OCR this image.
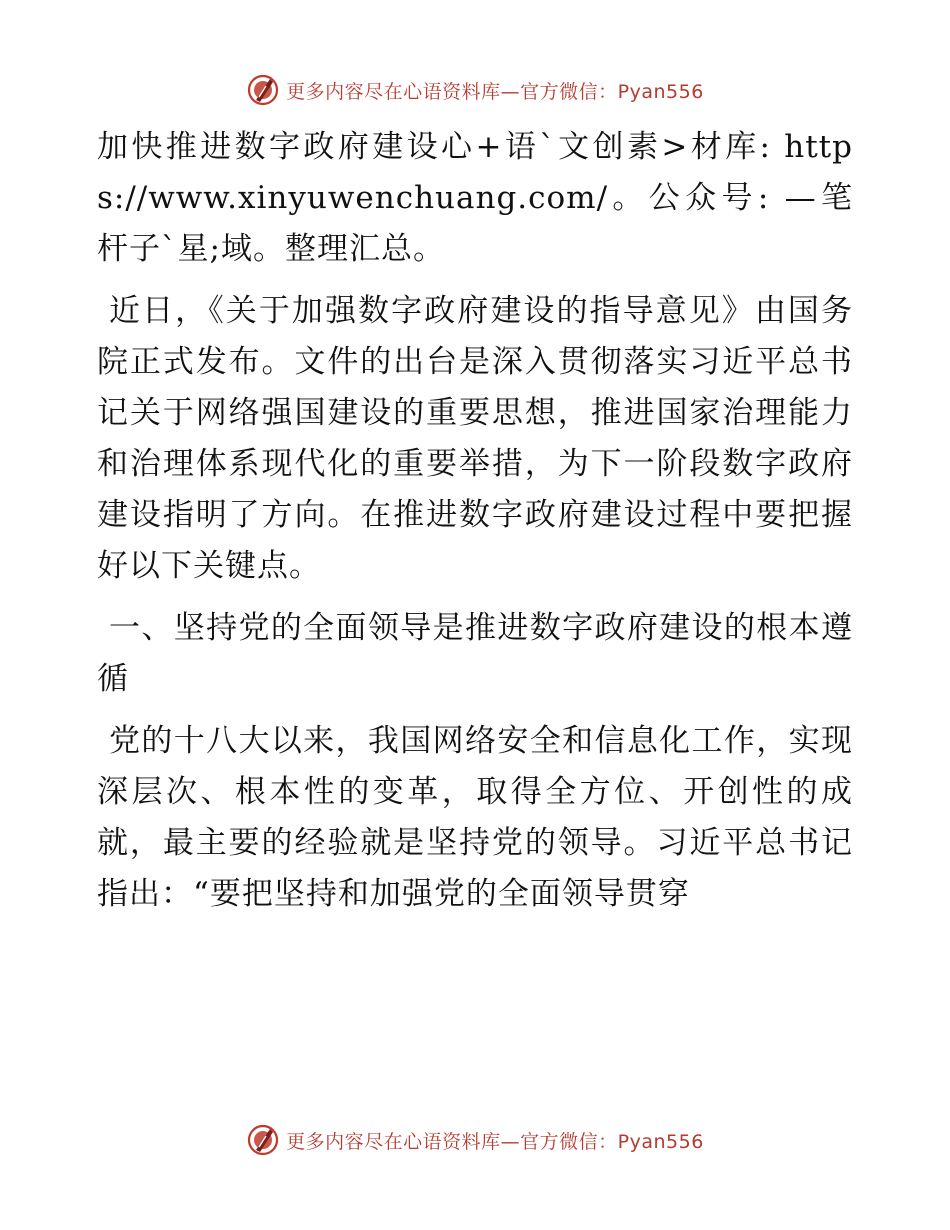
更多内容尽在心语资料库—官方微信：Pyan556

加快推进数字政府建设心+语`文创素>材库: https://www.xinyuwenchuang.com/。公众号: —笔杆子`星;域。整理汇总。

近日，《关于加强数字政府建设的指导意见》由国务院正式发布。文件的出台是深入贯彻落实习近平总书记关于网络强国建设的重要思想，推进国家治理能力和治理体系现代化的重要举措，为下一阶段数字政府建设指明了方向。在推进数字政府建设过程中要把握好以下关键点。

一、坚持党的全面领导是推进数字政府建设的根本遵循

党的十八大以来，我国网络安全和信息化工作，实现深层次、根本性的变革，取得全方位、开创性的成就，最主要的经验就是坚持党的领导。习近平总书记指出：“要把坚持和加强党的全面领导贯穿

更多内容尽在心语资料库—官方微信：Pyan556
